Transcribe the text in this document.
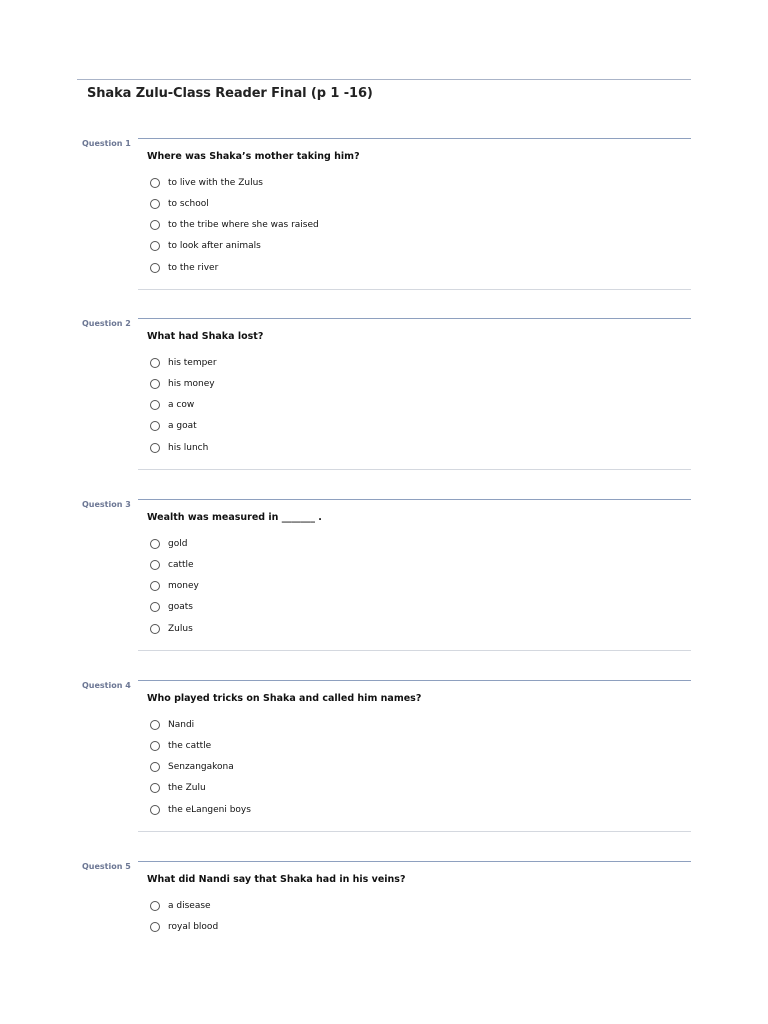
Shaka Zulu-Class Reader Final (p 1 -16)
Question 1
Where was Shaka’s mother taking him?
to live with the Zulus
to school
to the tribe where she was raised
to look after animals
to the river
Question 2
What had Shaka lost?
his temper
his money
a cow
a goat
his lunch
Question 3
Wealth was measured in _______ .
gold
cattle
money
goats
Zulus
Question 4
Who played tricks on Shaka and called him names?
Nandi
the cattle
Senzangakona
the Zulu
the eLangeni boys
Question 5
What did Nandi say that Shaka had in his veins?
a disease
royal blood
